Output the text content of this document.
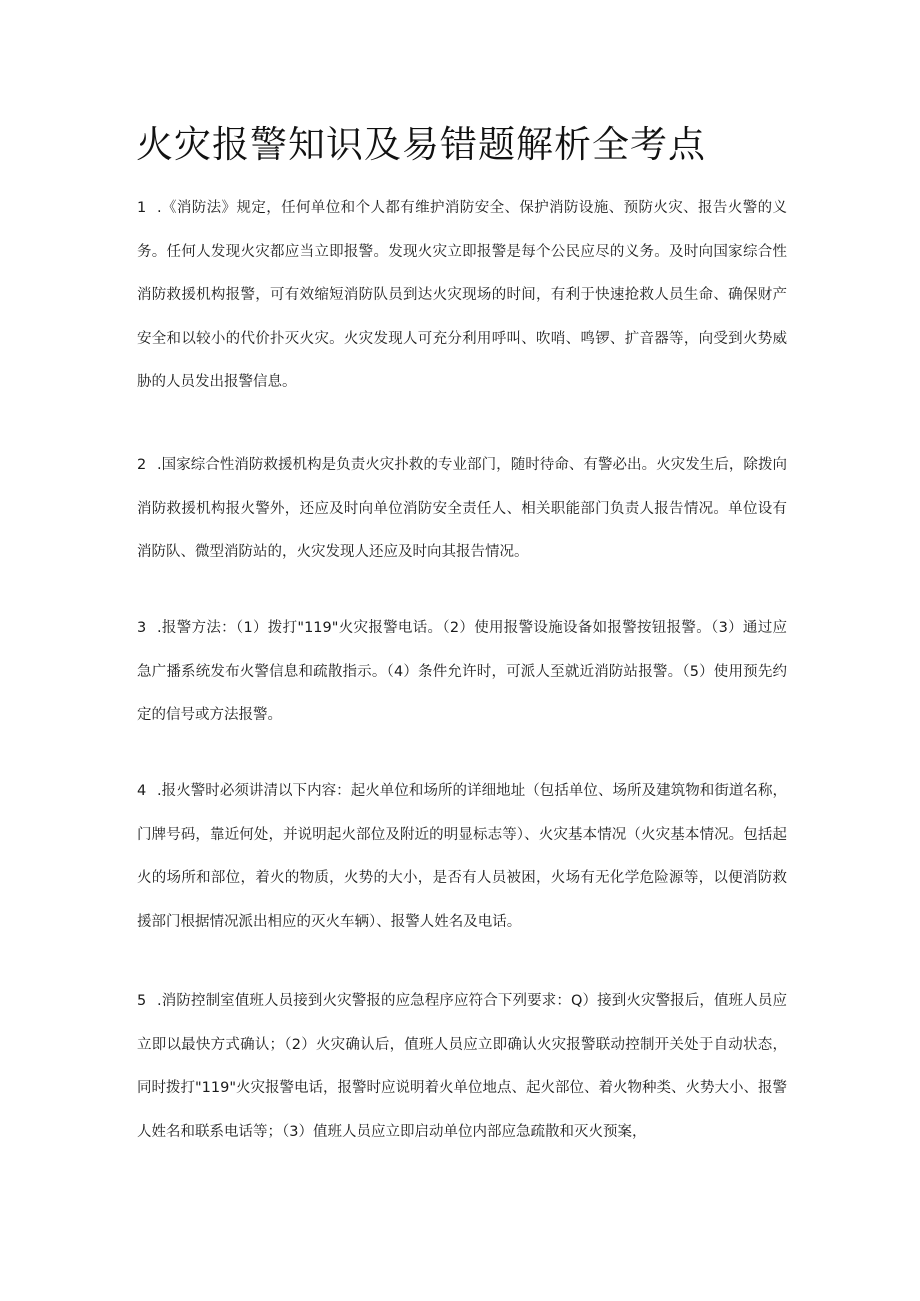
火灾报警知识及易错题解析全考点

1 .《消防法》规定，任何单位和个人都有维护消防安全、保护消防设施、预防火灾、报告火警的义务。任何人发现火灾都应当立即报警。发现火灾立即报警是每个公民应尽的义务。及时向国家综合性消防救援机构报警，可有效缩短消防队员到达火灾现场的时间，有利于快速抢救人员生命、确保财产安全和以较小的代价扑灭火灾。火灾发现人可充分利用呼叫、吹哨、鸣锣、扩音器等，向受到火势威胁的人员发出报警信息。

2 .国家综合性消防救援机构是负责火灾扑救的专业部门，随时待命、有警必出。火灾发生后，除拨向消防救援机构报火警外，还应及时向单位消防安全责任人、相关职能部门负责人报告情况。单位设有消防队、微型消防站的，火灾发现人还应及时向其报告情况。

3 .报警方法：（1）拨打"119"火灾报警电话。（2）使用报警设施设备如报警按钮报警。（3）通过应急广播系统发布火警信息和疏散指示。（4）条件允许时，可派人至就近消防站报警。（5）使用预先约定的信号或方法报警。

4 .报火警时必须讲清以下内容：起火单位和场所的详细地址（包括单位、场所及建筑物和街道名称，门牌号码，靠近何处，并说明起火部位及附近的明显标志等）、火灾基本情况（火灾基本情况。包括起火的场所和部位，着火的物质，火势的大小，是否有人员被困，火场有无化学危险源等，以便消防救援部门根据情况派出相应的灭火车辆）、报警人姓名及电话。

5 .消防控制室值班人员接到火灾警报的应急程序应符合下列要求：Q）接到火灾警报后，值班人员应立即以最快方式确认；（2）火灾确认后，值班人员应立即确认火灾报警联动控制开关处于自动状态，同时拨打"119"火灾报警电话，报警时应说明着火单位地点、起火部位、着火物种类、火势大小、报警人姓名和联系电话等；（3）值班人员应立即启动单位内部应急疏散和灭火预案，
